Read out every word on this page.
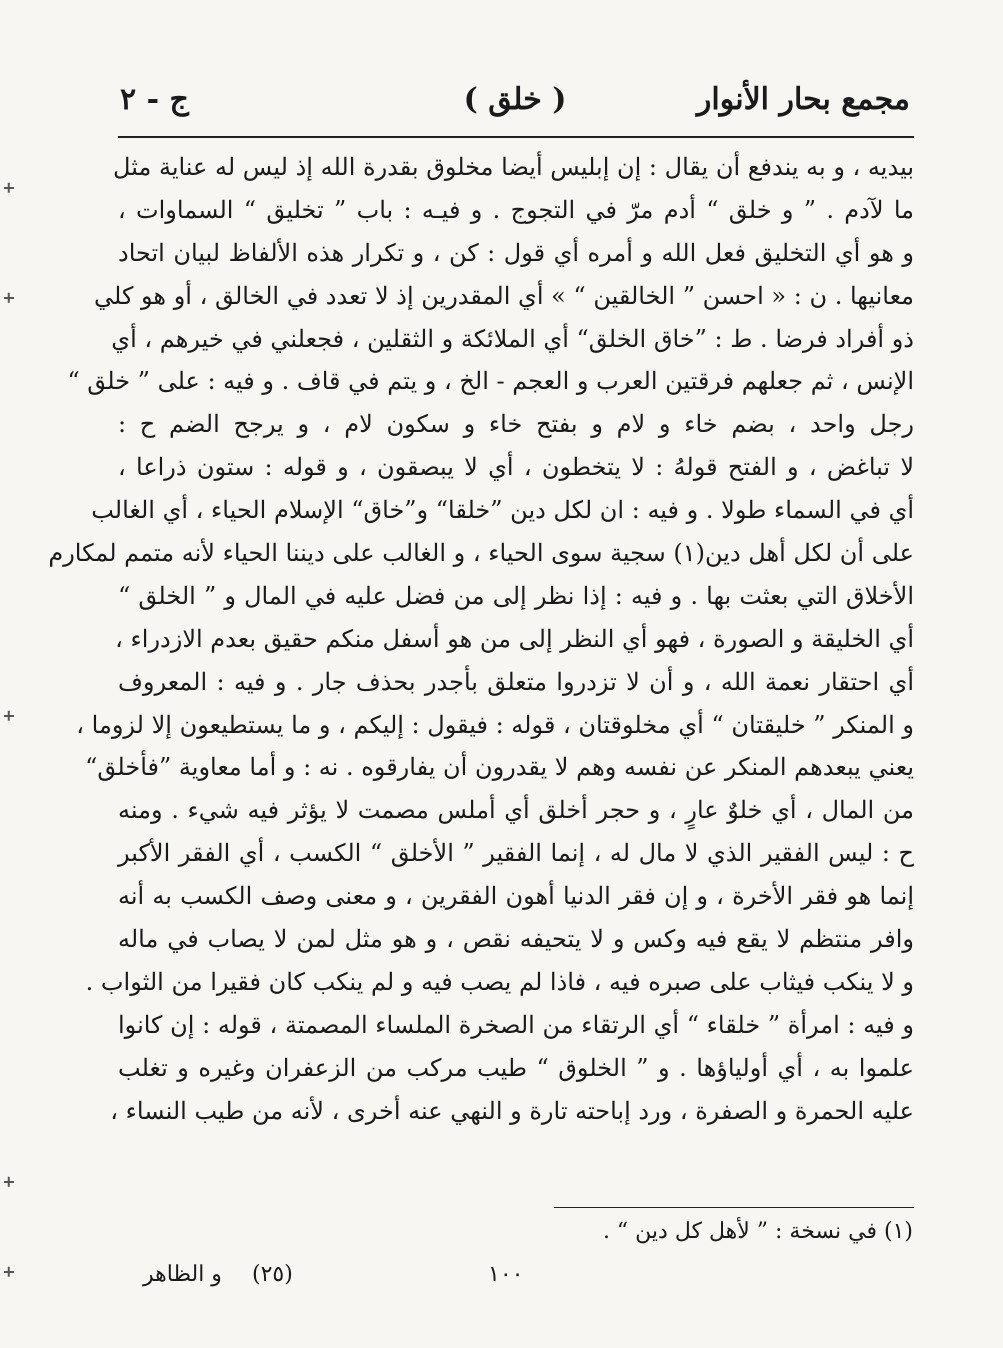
مجمع بحار الأنوار
( خلق )
ج - ٢
بيديه ، و به يندفع أن يقال : إن إبليس أيضا مخلوق بقدرة الله إذ ليس له عناية مثل
ما لآدم . ” و خلق “ أدم مرّ في التجوج . و فيـه : باب ” تخليق “ السماوات ،
و هو أي التخليق فعل الله و أمره أي قول : كن ، و تكرار هذه الألفاظ لبيان اتحاد
معانيها . ن : « احسن ” الخالقين “ » أي المقدرين إذ لا تعدد في الخالق ، أو هو كلي
ذو أفراد فرضا . ط : ”خاق الخلق“ أي الملائكة و الثقلين ، فجعلني في خيرهم ، أي
الإنس ، ثم جعلهم فرقتين العرب و العجم - الخ ، و يتم في قاف . و فيه : على ” خلق “
رجل واحد ، بضم خاء و لام و بفتح خاء و سكون لام ، و يرجح الضم ح :
لا تباغض ، و الفتح قولهُ : لا يتخطون ، أي لا يبصقون ، و قوله : ستون ذراعا ،
أي في السماء طولا . و فيه : ان لكل دين ”خلقا“ و”خاق“ الإسلام الحياء ، أي الغالب
على أن لكل أهل دين(١) سجية سوى الحياء ، و الغالب على ديننا الحياء لأنه متمم لمكارم
الأخلاق التي بعثت بها . و فيه : إذا نظر إلى من فضل عليه في المال و ” الخلق “
أي الخليقة و الصورة ، فهو أي النظر إلى من هو أسفل منكم حقيق بعدم الازدراء ،
أي احتقار نعمة الله ، و أن لا تزدروا متعلق بأجدر بحذف جار . و فيه : المعروف
و المنكر ” خليقتان “ أي مخلوقتان ، قوله : فيقول : إليكم ، و ما يستطيعون إلا لزوما ،
يعني يبعدهم المنكر عن نفسه وهم لا يقدرون أن يفارقوه . نه : و أما معاوية ”فأخلق“
من المال ، أي خلوٌ عارٍ ، و حجر أخلق أي أملس مصمت لا يؤثر فيه شيء . ومنه
ح : ليس الفقير الذي لا مال له ، إنما الفقير ” الأخلق “ الكسب ، أي الفقر الأكبر
إنما هو فقر الأخرة ، و إن فقر الدنيا أهون الفقرين ، و معنى وصف الكسب به أنه
وافر منتظم لا يقع فيه وكس و لا يتحيفه نقص ، و هو مثل لمن لا يصاب في ماله
و لا ينكب فيثاب على صبره فيه ، فاذا لم يصب فيه و لم ينكب كان فقيرا من الثواب .
و فيه : امرأة ” خلقاء “ أي الرتقاء من الصخرة الملساء المصمتة ، قوله : إن كانوا
علموا به ، أي أولياؤها . و ” الخلوق “ طيب مركب من الزعفران وغيره و تغلب
عليه الحمرة و الصفرة ، ورد إباحته تارة و النهي عنه أخرى ، لأنه من طيب النساء ،
(١) في نسخة : ” لأهل كل دين “ .
١٠٠
(٢٥)
و الظاهر
